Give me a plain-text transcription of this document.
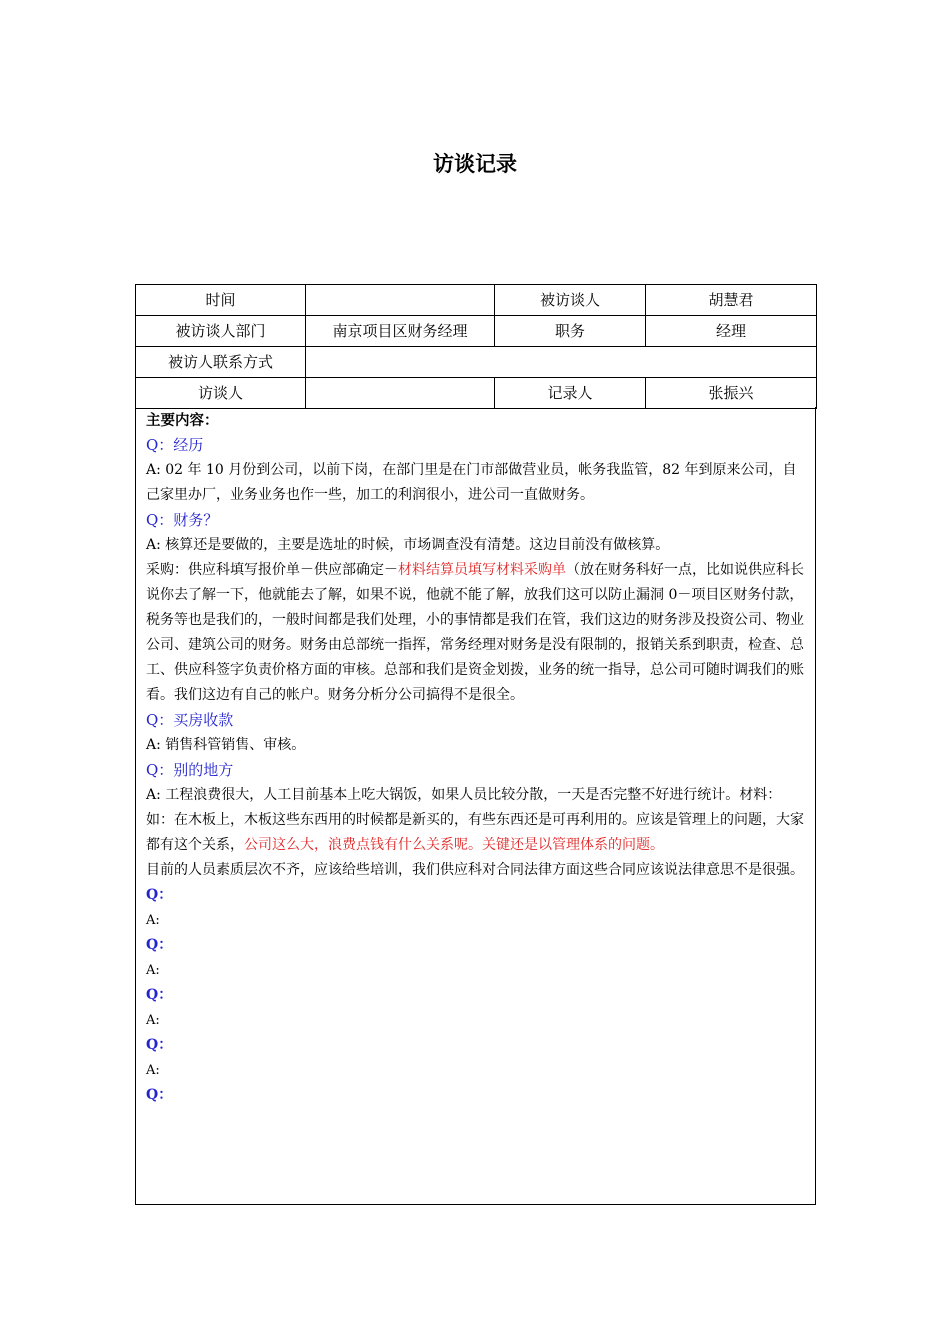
访谈记录
时间		被访谈人	胡慧君
被访谈人部门	南京项目区财务经理	职务	经理
被访人联系方式			
访谈人		记录人	张振兴
主要内容：
Q：经历
A: 02 年 10 月份到公司，以前下岗，在部门里是在门市部做营业员，帐务我监管，82 年到原来公司，自己家里办厂，业务业务也作一些，加工的利润很小，进公司一直做财务。
Q：财务？
A: 核算还是要做的，主要是选址的时候，市场调查没有清楚。这边目前没有做核算。
采购：供应科填写报价单－供应部确定－材料结算员填写材料采购单（放在财务科好一点，比如说供应科长说你去了解一下，他就能去了解，如果不说，他就不能了解，放我们这可以防止漏洞 0－项目区财务付款，
税务等也是我们的，一般时间都是我们处理，小的事情都是我们在管，我们这边的财务涉及投资公司、物业公司、建筑公司的财务。财务由总部统一指挥，常务经理对财务是没有限制的，报销关系到职责，检查、总工、供应科签字负责价格方面的审核。总部和我们是资金划拨，业务的统一指导，总公司可随时调我们的账看。我们这边有自己的帐户。财务分析分公司搞得不是很全。
Q：买房收款
A: 销售科管销售、审核。
Q：别的地方
A: 工程浪费很大，人工目前基本上吃大锅饭，如果人员比较分散，一天是否完整不好进行统计。材料：如：在木板上，木板这些东西用的时候都是新买的，有些东西还是可再利用的。应该是管理上的问题，大家都有这个关系，公司这么大，浪费点钱有什么关系呢。关键还是以管理体系的问题。
目前的人员素质层次不齐，应该给些培训，我们供应科对合同法律方面这些合同应该说法律意思不是很强。
Q：
A:
Q：
A:
Q：
A:
Q：
A:
Q：
